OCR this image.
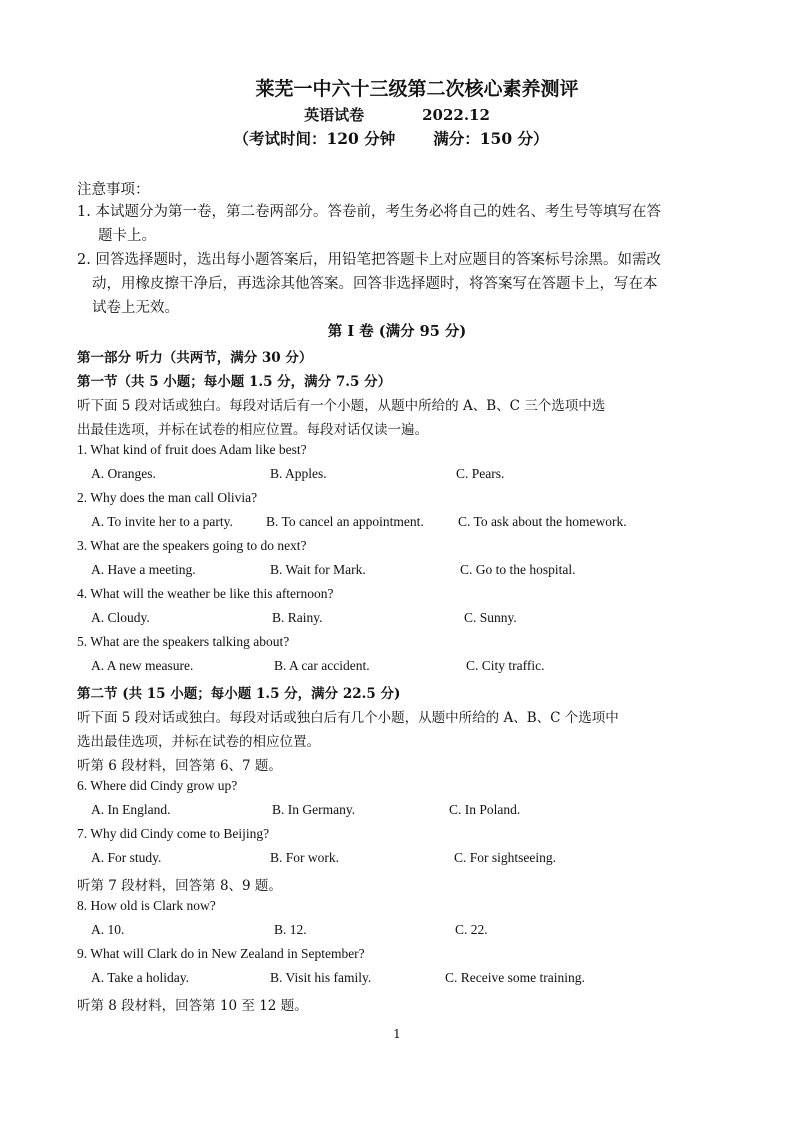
莱芜一中六十三级第二次核心素养测评
英语试卷	2022.12
（考试时间：120 分钟 满分：150 分）
注意事项：
1. 本试题分为第一卷，第二卷两部分。答卷前，考生务必将自己的姓名、考生号等填写在答
题卡上。
2. 回答选择题时，选出每小题答案后，用铅笔把答题卡上对应题目的答案标号涂黑。如需改
动，用橡皮擦干净后，再选涂其他答案。回答非选择题时，将答案写在答题卡上，写在本
试卷上无效。
第 I 卷 (满分 95 分)
第一部分 听力（共两节，满分 30 分）
第一节（共 5 小题；每小题 1.5 分，满分 7.5 分）
听下面 5 段对话或独白。每段对话后有一个小题，从题中所给的 A、B、C 三个选项中选
出最佳选项，并标在试卷的相应位置。每段对话仅读一遍。
1. What kind of fruit does Adam like best?
A. Oranges.	B. Apples.	C. Pears.
2. Why does the man call Olivia?
A. To invite her to a party. B. To cancel an appointment.	C. To ask about the homework.
3. What are the speakers going to do next?
A. Have a meeting.	B. Wait for Mark.	C. Go to the hospital.
4. What will the weather be like this afternoon?
A. Cloudy.	B. Rainy.	C. Sunny.
5. What are the speakers talking about?
A. A new measure.	B. A car accident.	C. City traffic.
第二节 (共 15 小题；每小题 1.5 分，满分 22.5 分)
听下面 5 段对话或独白。每段对话或独白后有几个小题，从题中所给的 A、B、C 个选项中
选出最佳选项，并标在试卷的相应位置。
听第 6 段材料，回答第 6、7 题。
6. Where did Cindy grow up?
A. In England.	B. In Germany.	C. In Poland.
7. Why did Cindy come to Beijing?
A. For study.	B. For work.	C. For sightseeing.
听第 7 段材料，回答第 8、9 题。
8. How old is Clark now?
A. 10.	B. 12.	C. 22.
9. What will Clark do in New Zealand in September?
A. Take a holiday.	B. Visit his family.	C. Receive some training.
听第 8 段材料，回答第 10 至 12 题。
1
